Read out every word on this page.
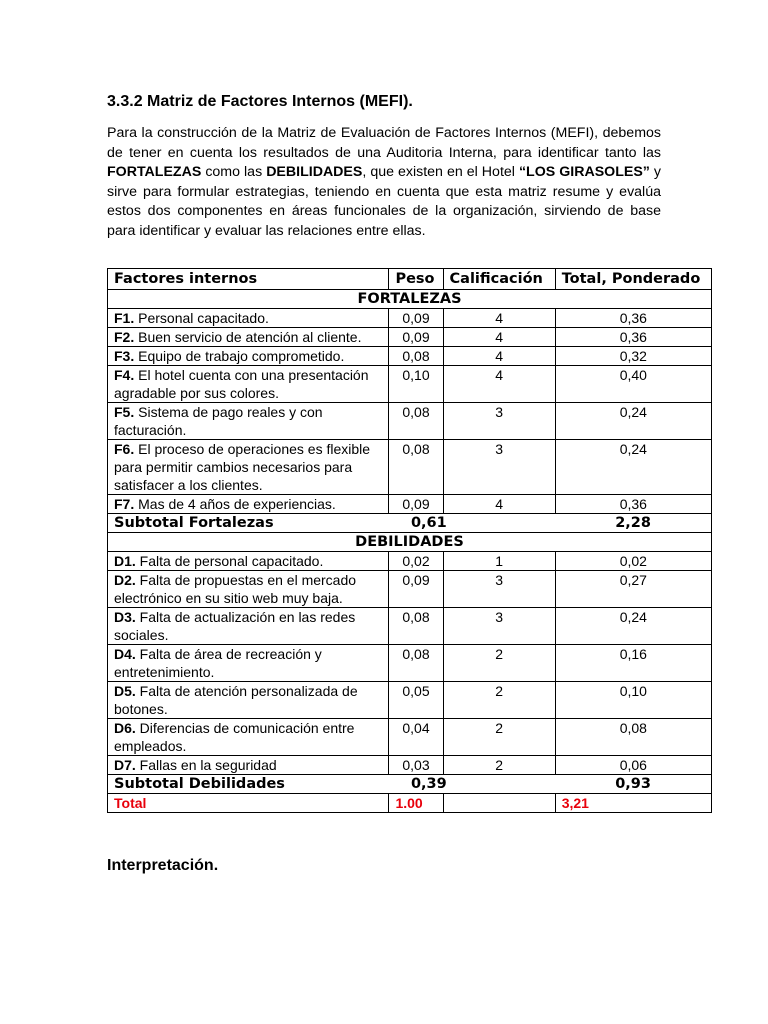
3.3.2 Matriz de Factores Internos (MEFI).

Para la construcción de la Matriz de Evaluación de Factores Internos (MEFI), debemos de tener en cuenta los resultados de una Auditoria Interna, para identificar tanto las FORTALEZAS como las DEBILIDADES, que existen en el Hotel “LOS GIRASOLES” y sirve para formular estrategias, teniendo en cuenta que esta matriz resume y evalúa estos dos componentes en áreas funcionales de la organización, sirviendo de base para identificar y evaluar las relaciones entre ellas.

Factores internos	Peso	Calificación	Total, Ponderado
FORTALEZAS			
F1. Personal capacitado.	0,09	4	0,36
F2. Buen servicio de atención al cliente.	0,09	4	0,36
F3. Equipo de trabajo comprometido.	0,08	4	0,32
F4. El hotel cuenta con una presentación agradable por sus colores.	0,10	4	0,40
F5. Sistema de pago reales y con facturación.	0,08	3	0,24
F6. El proceso de operaciones es flexible para permitir cambios necesarios para satisfacer a los clientes.	0,08	3	0,24
F7. Mas de 4 años de experiencias.	0,09	4	0,36
Subtotal Fortalezas	0,61		2,28
DEBILIDADES			
D1. Falta de personal capacitado.	0,02	1	0,02
D2. Falta de propuestas en el mercado electrónico en su sitio web muy baja.	0,09	3	0,27
D3. Falta de actualización en las redes sociales.	0,08	3	0,24
D4. Falta de área de recreación y entretenimiento.	0,08	2	0,16
D5. Falta de atención personalizada de botones.	0,05	2	0,10
D6. Diferencias de comunicación entre empleados.	0,04	2	0,08
D7. Fallas en la seguridad	0,03	2	0,06
Subtotal Debilidades	0,39		0,93
Total	1.00		3,21
Interpretación.
